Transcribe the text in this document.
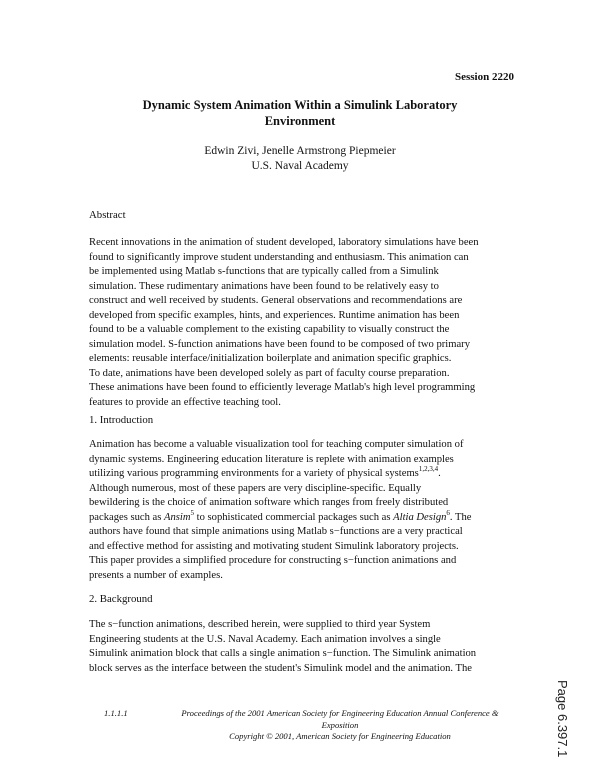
Session 2220
Dynamic System Animation Within a Simulink Laboratory
Environment
Edwin Zivi, Jenelle Armstrong Piepmeier
U.S. Naval Academy
Abstract
Recent innovations in the animation of student developed, laboratory simulations have been
found to significantly improve student understanding and enthusiasm. This animation can
be implemented using Matlab s-functions that are typically called from a Simulink
simulation. These rudimentary animations have been found to be relatively easy to
construct and well received by students. General observations and recommendations are
developed from specific examples, hints, and experiences. Runtime animation has been
found to be a valuable complement to the existing capability to visually construct the
simulation model. S-function animations have been found to be composed of two primary
elements: reusable interface/initialization boilerplate and animation specific graphics.
To date, animations have been developed solely as part of faculty course preparation.
These animations have been found to efficiently leverage Matlab's high level programming
features to provide an effective teaching tool.
1. Introduction
Animation has become a valuable visualization tool for teaching computer simulation of
dynamic systems. Engineering education literature is replete with animation examples
utilizing various programming environments for a variety of physical systems$^{1,2,3,4}$.
Although numerous, most of these papers are very discipline-specific. Equally
bewildering is the choice of animation software which ranges from freely distributed
packages such as Ansim$^5$ to sophisticated commercial packages such as Altia Design$^6$. The
authors have found that simple animations using Matlab s−functions are a very practical
and effective method for assisting and motivating student Simulink laboratory projects.
This paper provides a simplified procedure for constructing s−function animations and
presents a number of examples.
2. Background
The s−function animations, described herein, were supplied to third year System
Engineering students at the U.S. Naval Academy. Each animation involves a single
Simulink animation block that calls a single animation s−function. The Simulink animation
block serves as the interface between the student's Simulink model and the animation. The
1.1.1.1	Proceedings of the 2001 American Society for Engineering Education Annual Conference &
Exposition
Copyright © 2001, American Society for Engineering Education	Page 6.397.1
